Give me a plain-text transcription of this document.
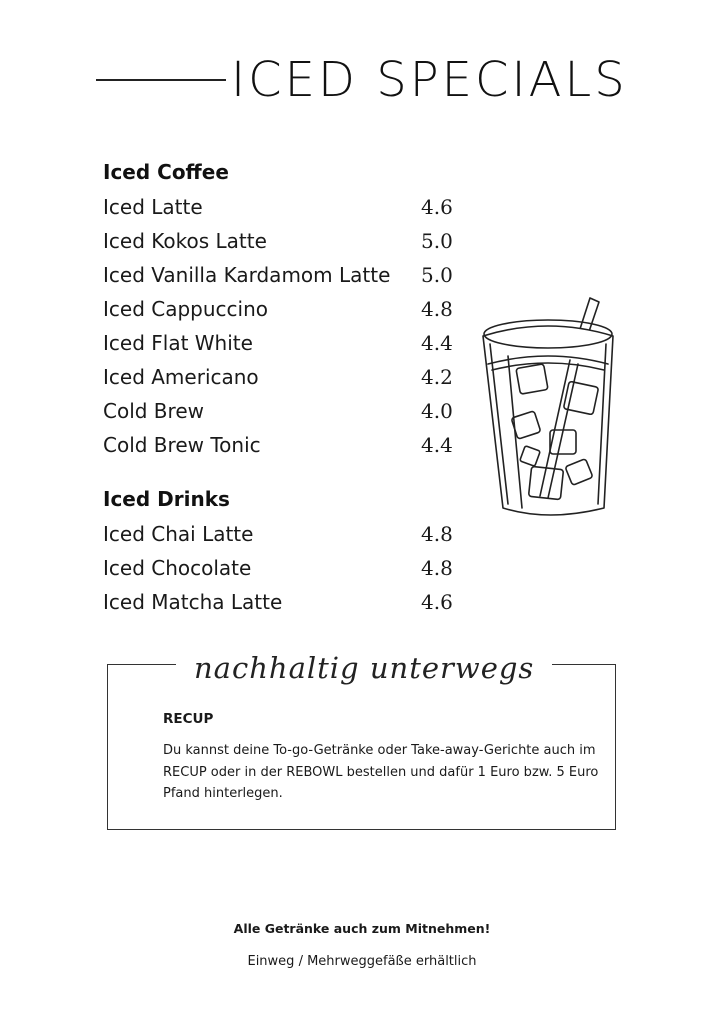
ICED SPECIALS
Iced Coffee
Iced Latte	4.6
Iced Kokos Latte	5.0
Iced Vanilla Kardamom Latte 5.0
Iced Cappuccino	4.8
Iced Flat White	4.4
Iced Americano	4.2
Cold Brew	4.0
Cold Brew Tonic	4.4
Iced Drinks
Iced Chai Latte	4.8
Iced Chocolate	4.8
Iced Matcha Latte	4.6
nachhaltig unterwegs

RECUP

Du kannst deine To-go-Getränke oder Take-away-Gerichte auch im RECUP oder in der REBOWL bestellen und dafür 1 Euro bzw. 5 Euro Pfand hinterlegen.

Alle Getränke auch zum Mitnehmen!

Einweg / Mehrweggefäße erhältlich
